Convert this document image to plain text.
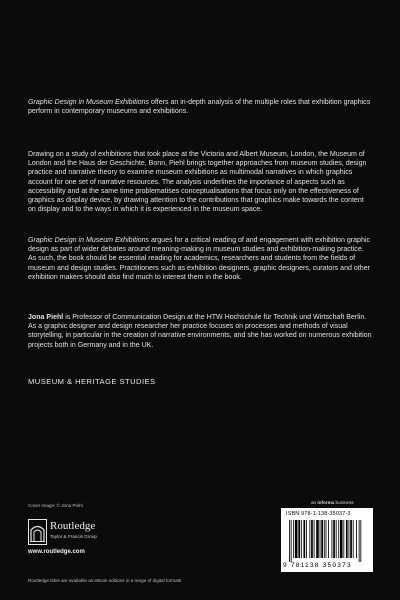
Graphic Design in Museum Exhibitions offers an in-depth analysis of the multiple roles that exhibition graphics perform in contemporary museums and exhibitions.

Drawing on a study of exhibitions that took place at the Victoria and Albert Museum, London, the Museum of London and the Haus der Geschichte, Bonn, Piehl brings together approaches from museum studies, design practice and narrative theory to examine museum exhibitions as multimodal narratives in which graphics account for one set of narrative resources. The analysis underlines the importance of aspects such as accessibility and at the same time problematises conceptualisations that focus only on the effectiveness of graphics as display device, by drawing attention to the contributions that graphics make towards the content on display and to the ways in which it is experienced in the museum space.

Graphic Design in Museum Exhibitions argues for a critical reading of and engagement with exhibition graphic design as part of wider debates around meaning-making in museum studies and exhibition-making practice. As such, the book should be essential reading for academics, researchers and students from the fields of museum and design studies. Practitioners such as exhibition designers, graphic designers, curators and other exhibition makers should also find much to interest them in the book.

Jona Piehl is Professor of Communication Design at the HTW Hochschule für Technik und Wirtschaft Berlin. As a graphic designer and design researcher her practice focuses on processes and methods of visual storytelling, in particular in the creation of narrative environments, and she has worked on numerous exhibition projects both in Germany and in the UK.

MUSEUM & HERITAGE STUDIES
Cover image: © Jona Piehl
Routledge
Taylor & Francis Group
www.routledge.com
Routledge titles are available as eBook editions in a range of digital formats
an informa business
ISBN 978-1-138-35037-3
9 781138 350373
